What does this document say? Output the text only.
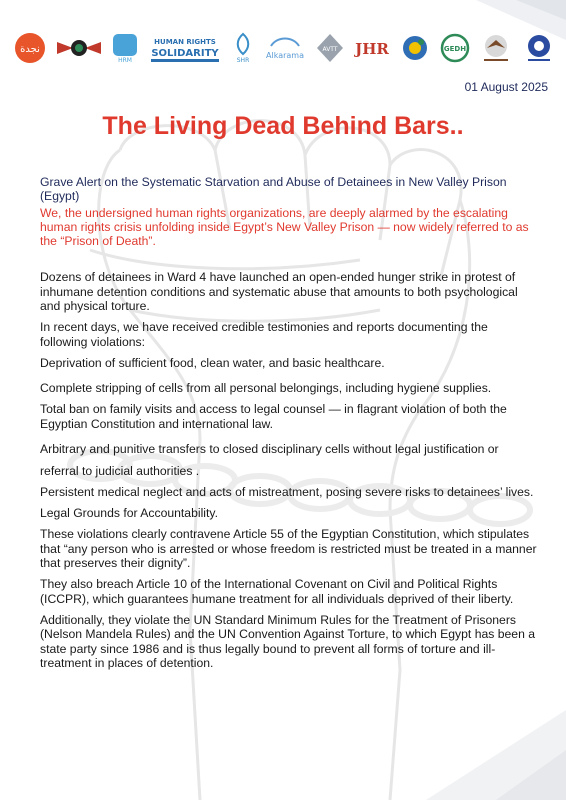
نجدة
HRM
HUMAN RIGHTS
SOLIDARITY
SHR
Alkarama
AVTT JHR	GEDH
01 August 2025
The Living Dead Behind Bars..

Grave Alert on the Systematic Starvation and Abuse of Detainees in New Valley Prison (Egypt)

We, the undersigned human rights organizations, are deeply alarmed by the escalating human rights crisis unfolding inside Egypt’s New Valley Prison — now widely referred to as the “Prison of Death”.

Dozens of detainees in Ward 4 have launched an open-ended hunger strike in protest of inhumane detention conditions and systematic abuse that amounts to both psychological and physical torture.

In recent days, we have received credible testimonies and reports documenting the following violations:

Deprivation of sufficient food, clean water, and basic healthcare.

Complete stripping of cells from all personal belongings, including hygiene supplies.

Total ban on family visits and access to legal counsel — in flagrant violation of both the Egyptian Constitution and international law.

Arbitrary and punitive transfers to closed disciplinary cells without legal justification or referral to judicial authorities .

Persistent medical neglect and acts of mistreatment, posing severe risks to detainees’ lives.

Legal Grounds for Accountability.

These violations clearly contravene Article 55 of the Egyptian Constitution, which stipulates that “any person who is arrested or whose freedom is restricted must be treated in a manner that preserves their dignity”.

They also breach Article 10 of the International Covenant on Civil and Political Rights (ICCPR), which guarantees humane treatment for all individuals deprived of their liberty.

Additionally, they violate the UN Standard Minimum Rules for the Treatment of Prisoners (Nelson Mandela Rules) and the UN Convention Against Torture, to which Egypt has been a state party since 1986 and is thus legally bound to prevent all forms of torture and ill-treatment in places of detention.
